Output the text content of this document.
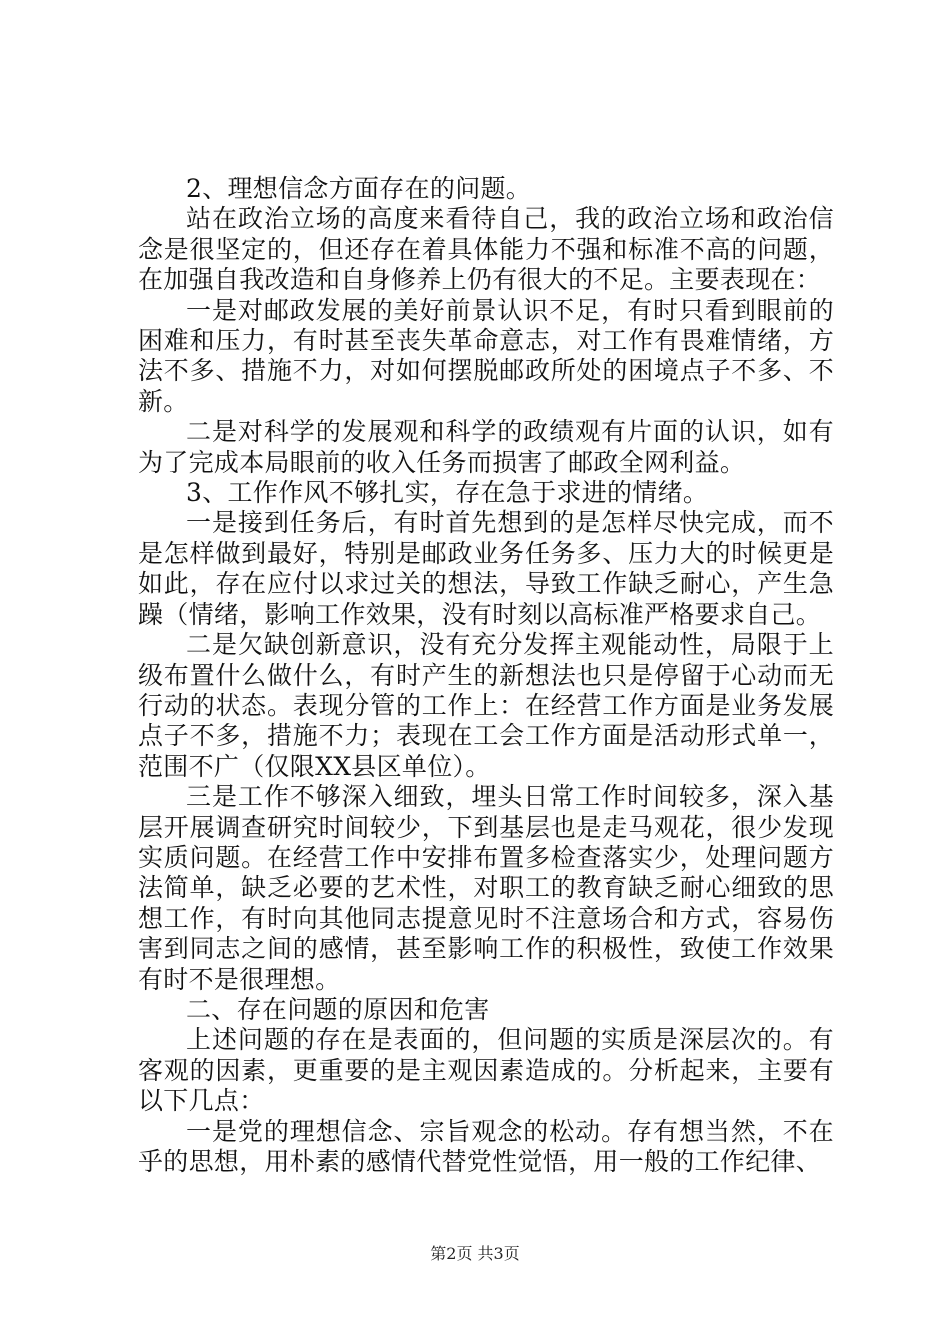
2、理想信念方面存在的问题。

站在政治立场的高度来看待自己，我的政治立场和政治信念是很坚定的，但还存在着具体能力不强和标准不高的问题，在加强自我改造和自身修养上仍有很大的不足。主要表现在：

一是对邮政发展的美好前景认识不足，有时只看到眼前的困难和压力，有时甚至丧失革命意志，对工作有畏难情绪，方法不多、措施不力，对如何摆脱邮政所处的困境点子不多、不新。

二是对科学的发展观和科学的政绩观有片面的认识，如有为了完成本局眼前的收入任务而损害了邮政全网利益。

3、工作作风不够扎实，存在急于求进的情绪。

一是接到任务后，有时首先想到的是怎样尽快完成，而不是怎样做到最好，特别是邮政业务任务多、压力大的时候更是如此，存在应付以求过关的想法，导致工作缺乏耐心，产生急躁（情绪，影响工作效果，没有时刻以高标准严格要求自己。

二是欠缺创新意识，没有充分发挥主观能动性，局限于上级布置什么做什么，有时产生的新想法也只是停留于心动而无行动的状态。表现分管的工作上：在经营工作方面是业务发展点子不多，措施不力；表现在工会工作方面是活动形式单一，范围不广（仅限XX县区单位）。

三是工作不够深入细致，埋头日常工作时间较多，深入基层开展调查研究时间较少，下到基层也是走马观花，很少发现实质问题。在经营工作中安排布置多检查落实少，处理问题方法简单，缺乏必要的艺术性，对职工的教育缺乏耐心细致的思想工作，有时向其他同志提意见时不注意场合和方式，容易伤害到同志之间的感情，甚至影响工作的积极性，致使工作效果有时不是很理想。

二、存在问题的原因和危害

上述问题的存在是表面的，但问题的实质是深层次的。有客观的因素，更重要的是主观因素造成的。分析起来，主要有以下几点：

一是党的理想信念、宗旨观念的松动。存有想当然，不在乎的思想，用朴素的感情代替党性觉悟，用一般的工作纪律、

第2页 共3页
